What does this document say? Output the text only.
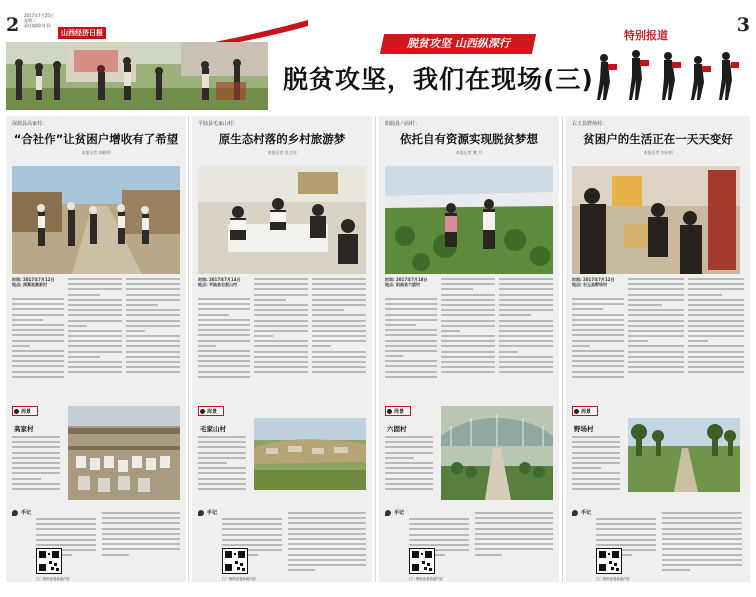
2	3
2017年7月25日
星期二
责任编辑/刘 莉
山西经济日报
脱贫攻坚 山西纵深行
脱贫攻坚，我们在现场(三)
特别报道
深源县高家村：
“合社作”让贫困户增收有了希望
本报记者 郭晓明
时间: 2017年7月12日
地点: 深源县高家村
周景
高家村
手记
扫二维码查看新闻内容
平陆县毛家山村：
原生态村落的乡村旅游梦
本报记者 蔡文光
时间: 2017年7月14日
地点: 平陆县毛家山村
周景
毛家山村
手记
扫二维码查看新闻内容
阳曲县六固村：
依托自有资源实现脱贫梦想
本报记者 姚 月
时间: 2017年7月18日
地点: 阳曲县六固村
周景
六固村
手记
扫二维码查看新闻内容
右玉县野场村：
贫困户的生活正在一天天变好
本报记者 刘启明
时间: 2017年7月12日
地点: 右玉县野场村
周景
野场村
手记
扫二维码查看新闻内容
